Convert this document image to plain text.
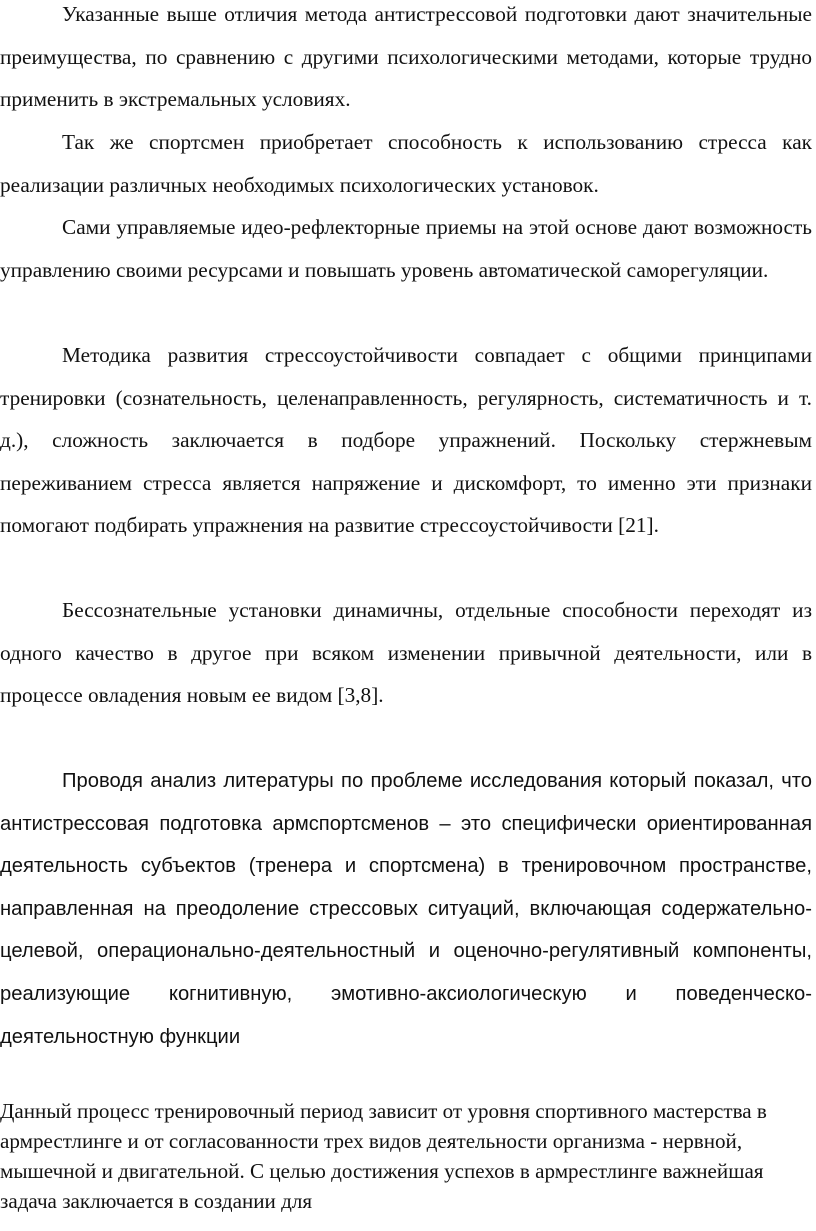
Указанные выше отличия метода антистрессовой подготовки дают значительные преимущества, по сравнению с другими психологическими методами, которые трудно применить в экстремальных условиях.

Так же спортсмен приобретает способность к использованию стресса как реализации различных необходимых психологических установок.

Сами управляемые идео-рефлекторные приемы на этой основе дают возможность управлению своими ресурсами и повышать уровень автоматической саморегуляции.

Методика развития стрессоустойчивости совпадает с общими принципами тренировки (сознательность, целенаправленность, регулярность, систематичность и т. д.), сложность заключается в подборе упражнений. Поскольку стержневым переживанием стресса является напряжение и дискомфорт, то именно эти признаки помогают подбирать упражнения на развитие стрессоустойчивости [21].

Бессознательные установки динамичны, отдельные способности переходят из одного качество в другое при всяком изменении привычной деятельности, или в процессе овладения новым ее видом [3,8].

Проводя анализ литературы по проблеме исследования который показал, что антистрессовая подготовка армспортсменов – это специфически ориентированная деятельность субъектов (тренера и спортсмена) в тренировочном пространстве, направленная на преодоление стрессовых ситуаций, включающая содержательно-целевой, операционально-деятельностный и оценочно-регулятивный компоненты, реализующие когнитивную, эмотивно-аксиологическую и поведенческо-деятельностную функции

Данный процесс тренировочный период зависит от уровня спортивного мастерства в армрестлинге и от согласованности трех видов деятельности организма - нервной, мышечной и двигательной. С целью достижения успехов в армрестлинге важнейшая задача заключается в создании для
